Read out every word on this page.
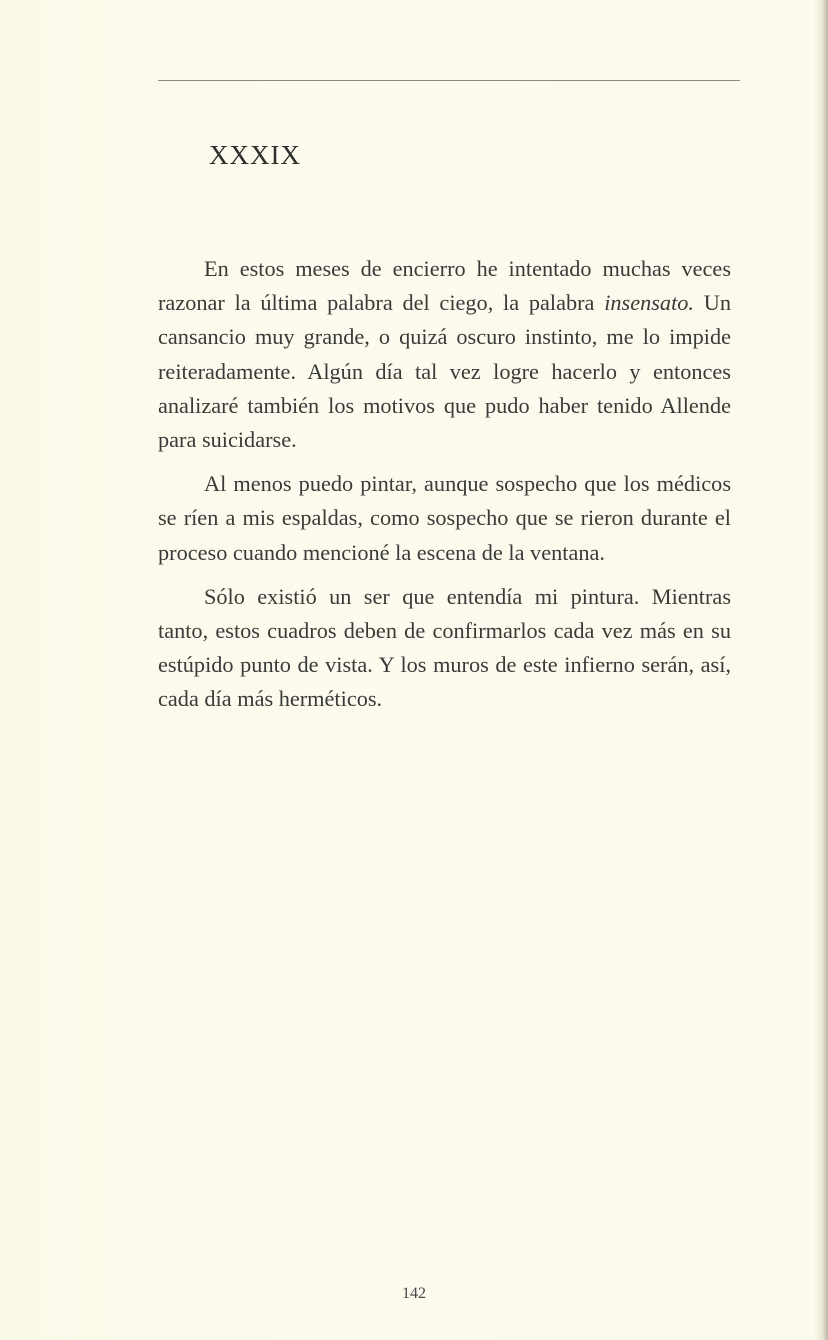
XXXIX

En estos meses de encierro he intentado muchas veces razonar la última palabra del ciego, la palabra insensato. Un cansancio muy grande, o quizá oscuro instinto, me lo impide reiteradamente. Algún día tal vez logre hacerlo y entonces analizaré también los motivos que pudo haber tenido Allende para suicidarse.

Al menos puedo pintar, aunque sospecho que los médicos se ríen a mis espaldas, como sospecho que se rieron durante el proceso cuando mencioné la escena de la ventana.

Sólo existió un ser que entendía mi pintura. Mientras tanto, estos cuadros deben de confirmarlos cada vez más en su estúpido punto de vista. Y los muros de este infierno serán, así, cada día más herméticos.

142
